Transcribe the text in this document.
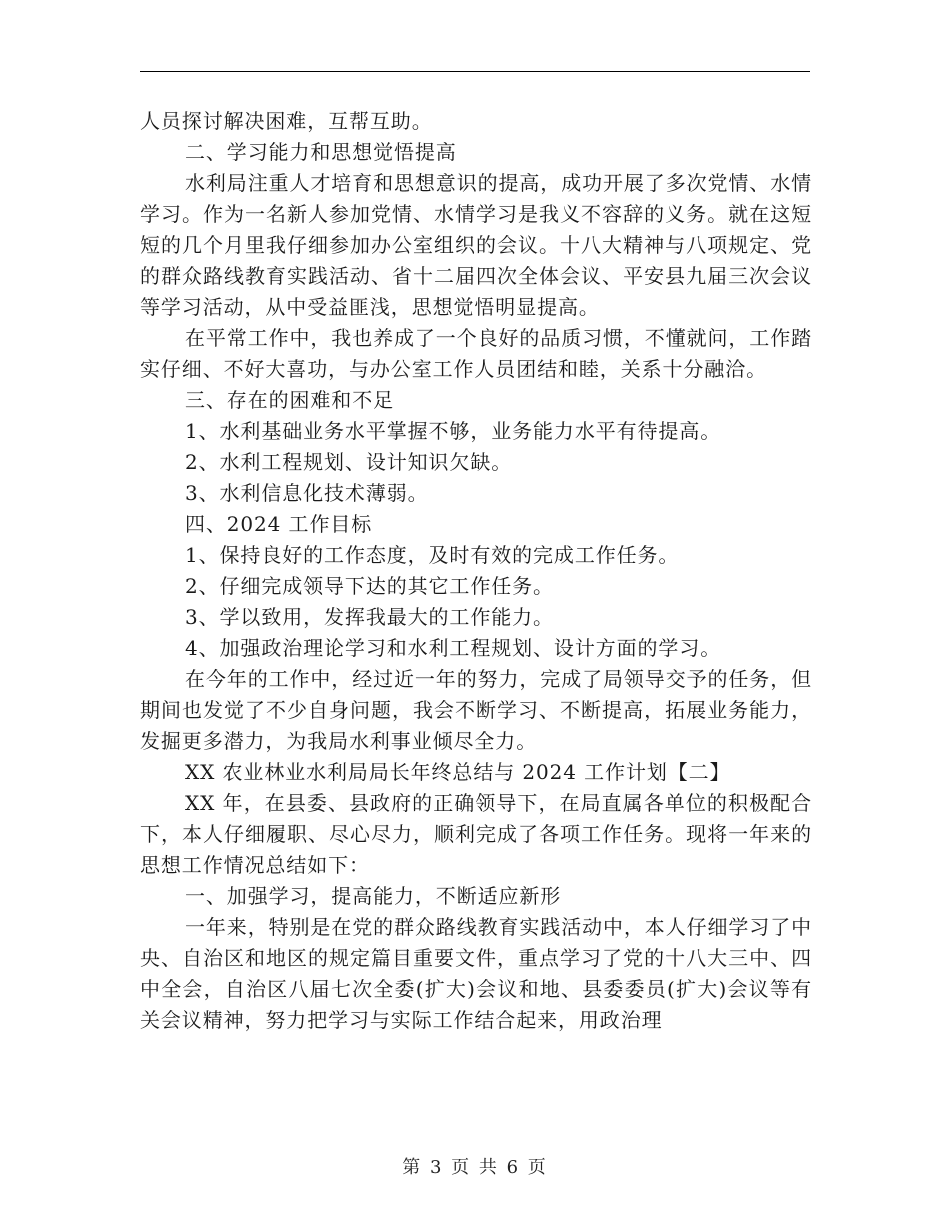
人员探讨解决困难，互帮互助。

二、学习能力和思想觉悟提高

水利局注重人才培育和思想意识的提高，成功开展了多次党情、水情学习。作为一名新人参加党情、水情学习是我义不容辞的义务。就在这短短的几个月里我仔细参加办公室组织的会议。十八大精神与八项规定、党的群众路线教育实践活动、省十二届四次全体会议、平安县九届三次会议等学习活动，从中受益匪浅，思想觉悟明显提高。

在平常工作中，我也养成了一个良好的品质习惯，不懂就问，工作踏实仔细、不好大喜功，与办公室工作人员团结和睦，关系十分融洽。

三、存在的困难和不足

1、水利基础业务水平掌握不够，业务能力水平有待提高。

2、水利工程规划、设计知识欠缺。

3、水利信息化技术薄弱。

四、2024 工作目标

1、保持良好的工作态度，及时有效的完成工作任务。

2、仔细完成领导下达的其它工作任务。

3、学以致用，发挥我最大的工作能力。

4、加强政治理论学习和水利工程规划、设计方面的学习。

在今年的工作中，经过近一年的努力，完成了局领导交予的任务，但期间也发觉了不少自身问题，我会不断学习、不断提高，拓展业务能力，发掘更多潜力，为我局水利事业倾尽全力。

XX 农业林业水利局局长年终总结与 2024 工作计划【二】

XX 年，在县委、县政府的正确领导下，在局直属各单位的积极配合下，本人仔细履职、尽心尽力，顺利完成了各项工作任务。现将一年来的思想工作情况总结如下：

一、加强学习，提高能力，不断适应新形

一年来，特别是在党的群众路线教育实践活动中，本人仔细学习了中央、自治区和地区的规定篇目重要文件，重点学习了党的十八大三中、四中全会，自治区八届七次全委(扩大)会议和地、县委委员(扩大)会议等有关会议精神，努力把学习与实际工作结合起来，用政治理

第 3 页 共 6 页
